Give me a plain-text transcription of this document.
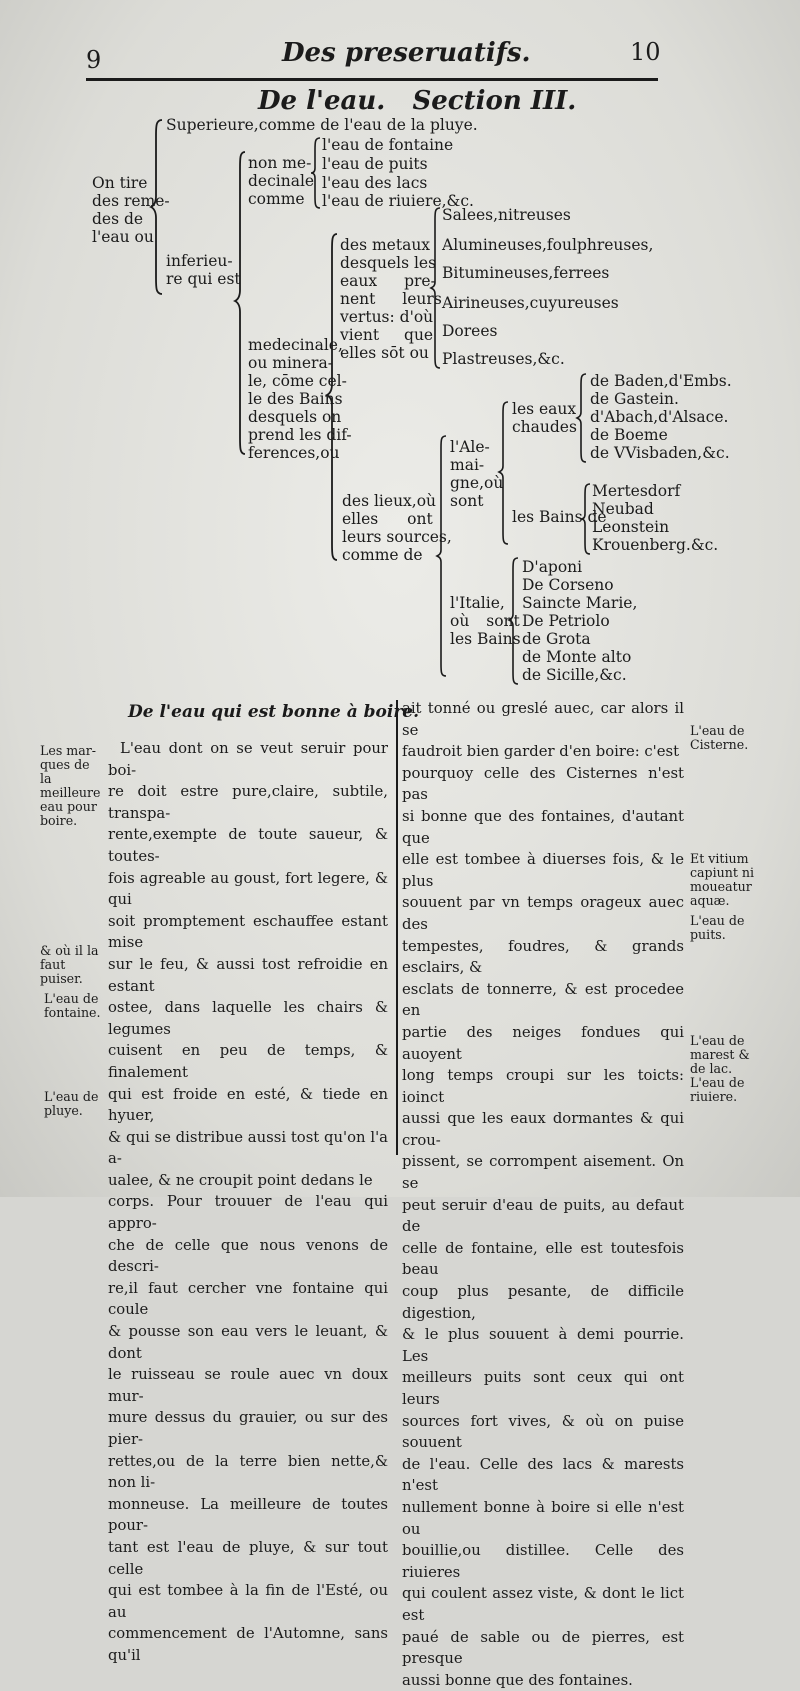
9	Des preseruatifs.	10
De l'eau.   Section III.
Superieure,comme de l'eau de la pluye.
On tire
des reme-
des de
l'eau ou
inferieu-
re qui est
non me-
decinale
comme
l'eau de fontaine
l'eau de puits
l'eau des lacs
l'eau de riuiere,&c.
medecinale,
ou minera-
le, cōme cel-
le des Bains
desquels on
prend les dif-
ferences,ou
des metaux
desquels les
eaux pre-
nent leurs
vertus: d'où
vient que
elles sōt ou
Salees,nitreuses
Alumineuses,foulphreuses,
Bitumineuses,ferrees
Airineuses,cuyureuses
Dorees
Plastreuses,&c.
des lieux,où
elles ont
leurs sources,
comme de
l'Ale-
mai-
gne,où
sont
les eaux
chaudes
de Baden,d'Embs.
de Gastein.
d'Abach,d'Alsace.
de Boeme
de VVisbaden,&c.
les Bains de
Mertesdorf
Neubad
Leonstein
Krouenberg.&c.
l'Italie,
où sont
les Bains
D'aponi
De Corseno
Saincte Marie,
De Petriolo
de Grota
de Monte alto
de Sicille,&c.
De l'eau qui est bonne à boire.
L'eau dont on se veut seruir pour boi-
re doit estre pure,claire, subtile, transpa-
rente,exempte de toute saueur, & toutes-
fois agreable au goust, fort legere, & qui
soit promptement eschauffee estant mise
sur le feu, & aussi tost refroidie en estant
ostee, dans laquelle les chairs & legumes
cuisent en peu de temps, & finalement
qui est froide en esté, & tiede en hyuer,
& qui se distribue aussi tost qu'on l'a a-
ualee, & ne croupit point dedans le
corps. Pour trouuer de l'eau qui appro-
che de celle que nous venons de descri-
re,il faut cercher vne fontaine qui coule
& pousse son eau vers le leuant, & dont
le ruisseau se roule auec vn doux mur-
mure dessus du grauier, ou sur des pier-
rettes,ou de la terre bien nette,& non li-
monneuse. La meilleure de toutes pour-
tant est l'eau de pluye, & sur tout celle
qui est tombee à la fin de l'Esté, ou au
commencement de l'Automne, sans qu'il
ait tonné ou greslé auec, car alors il se
faudroit bien garder d'en boire: c'est
pourquoy celle des Cisternes n'est pas
si bonne que des fontaines, d'autant que
elle est tombee à diuerses fois, & le plus
souuent par vn temps orageux auec des
tempestes, foudres, & grands esclairs, &
esclats de tonnerre, & est procedee en
partie des neiges fondues qui auoyent
long temps croupi sur les toicts: ioinct
aussi que les eaux dormantes & qui crou-
pissent, se corrompent aisement. On se
peut seruir d'eau de puits, au defaut de
celle de fontaine, elle est toutesfois beau
coup plus pesante, de difficile digestion,
& le plus souuent à demi pourrie. Les
meilleurs puits sont ceux qui ont leurs
sources fort vives, & où on puise souuent
de l'eau. Celle des lacs & marests n'est
nullement bonne à boire si elle n'est ou
bouillie,ou distillee. Celle des riuieres
qui coulent assez viste, & dont le lict est
paué de sable ou de pierres, est presque
aussi bonne que des fontaines.
Les mar-
ques de la
meilleure
eau pour
boire.
& où il la
faut puiser.
L'eau de
fontaine.
L'eau de
pluye.
L'eau de
Cisterne.
Et vitium
capiunt ni
moueatur
aquæ.
L'eau de
puits.
L'eau de
marest &
de lac.
L'eau de
riuiere.
